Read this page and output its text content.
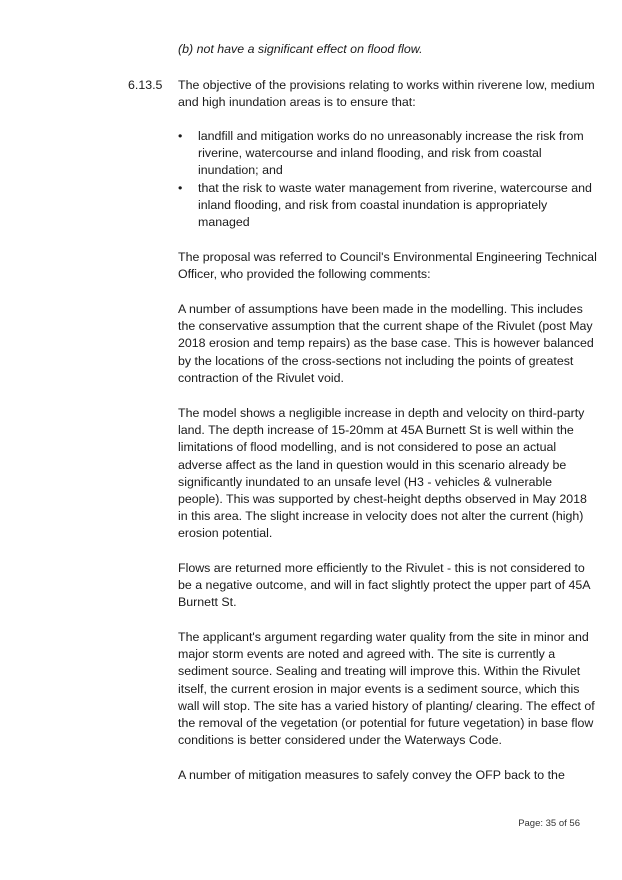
(b) not have a significant effect on flood flow.
6.13.5 The objective of the provisions relating to works within riverene low, medium and high inundation areas is to ensure that:
•	landfill and mitigation works do no unreasonably increase the risk from riverine, watercourse and inland flooding, and risk from coastal inundation; and
•	that the risk to waste water management from riverine, watercourse and inland flooding, and risk from coastal inundation is appropriately managed
The proposal was referred to Council's Environmental Engineering Technical Officer, who provided the following comments:
A number of assumptions have been made in the modelling. This includes the conservative assumption that the current shape of the Rivulet (post May 2018 erosion and temp repairs) as the base case. This is however balanced by the locations of the cross-sections not including the points of greatest contraction of the Rivulet void.
The model shows a negligible increase in depth and velocity on third-party land. The depth increase of 15-20mm at 45A Burnett St is well within the limitations of flood modelling, and is not considered to pose an actual adverse affect as the land in question would in this scenario already be significantly inundated to an unsafe level (H3 - vehicles & vulnerable people). This was supported by chest-height depths observed in May 2018 in this area. The slight increase in velocity does not alter the current (high) erosion potential.
Flows are returned more efficiently to the Rivulet - this is not considered to be a negative outcome, and will in fact slightly protect the upper part of 45A Burnett St.
The applicant's argument regarding water quality from the site in minor and major storm events are noted and agreed with. The site is currently a sediment source. Sealing and treating will improve this. Within the Rivulet itself, the current erosion in major events is a sediment source, which this wall will stop. The site has a varied history of planting/ clearing. The effect of the removal of the vegetation (or potential for future vegetation) in base flow conditions is better considered under the Waterways Code.
A number of mitigation measures to safely convey the OFP back to the
Page: 35 of 56
